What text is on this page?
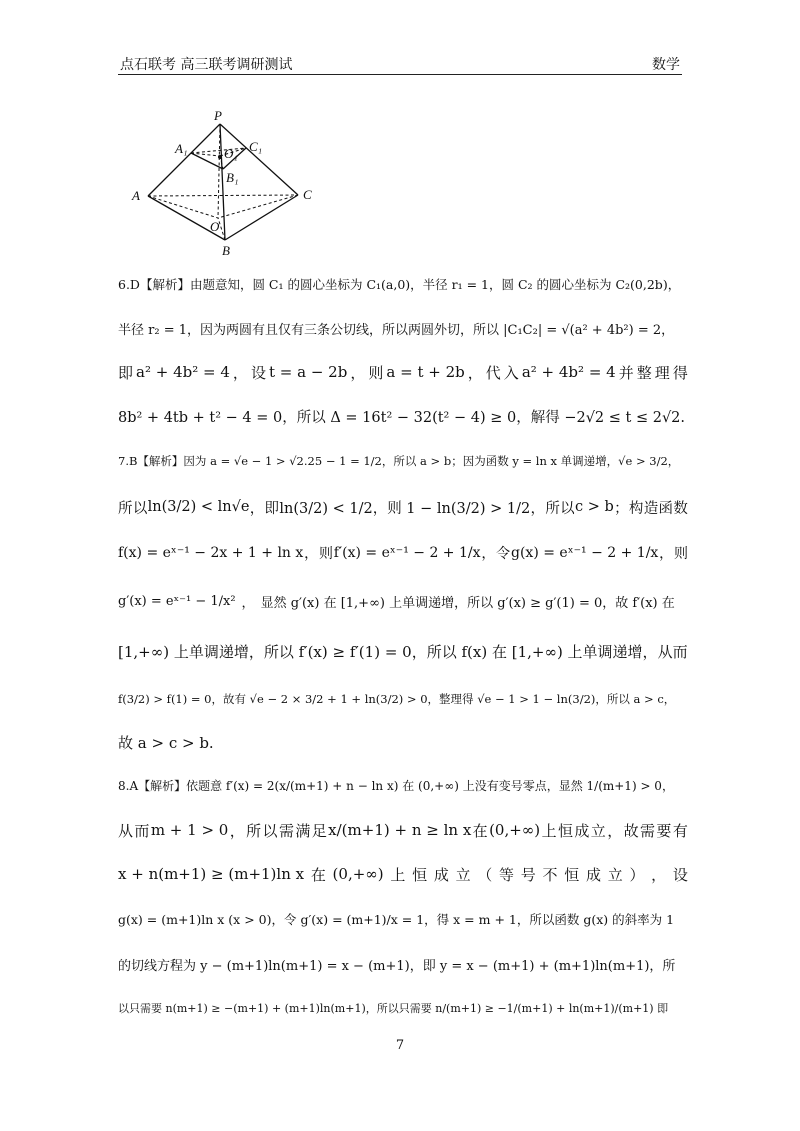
点石联考 高三联考调研测试	数学
P
A₁	O₁ C₁
B₁
A	C
O
B
6.D【解析】由题意知，圆 C₁ 的圆心坐标为 C₁(a,0)，半径 r₁ = 1，圆 C₂ 的圆心坐标为 C₂(0,2b)，
半径 r₂ = 1，因为两圆有且仅有三条公切线，所以两圆外切，所以 |C₁C₂| = √(a² + 4b²) = 2，
即 a² + 4b² = 4 ， 设 t = a − 2b ， 则 a = t + 2b ， 代 入 a² + 4b² = 4 并 整 理 得
8b² + 4tb + t² − 4 = 0，所以 Δ = 16t² − 32(t² − 4) ≥ 0，解得 −2√2 ≤ t ≤ 2√2.
7.B【解析】因为 a = √e − 1 > √2.25 − 1 = 1/2，所以 a > b；因为函数 y = ln x 单调递增，√e > 3/2，
所 以 ln(3/2) < ln√e ， 即 ln(3/2) < 1/2，则 1 − ln(3/2) > 1/2 ， 所 以 c > b ； 构 造 函 数
f(x) = eˣ⁻¹ − 2x + 1 + ln x ， 则 f′(x) = eˣ⁻¹ − 2 + 1/x ， 令 g(x) = eˣ⁻¹ − 2 + 1/x ， 则
g′(x) = eˣ⁻¹ − 1/x² ， 显然 g′(x) 在 [1,+∞) 上单调递增，所以 g′(x) ≥ g′(1) = 0，故 f′(x) 在
[1,+∞) 上单调递增，所以 f′(x) ≥ f′(1) = 0，所以 f(x) 在 [1,+∞) 上单调递增，从而
f(3/2) > f(1) = 0，故有 √e − 2 × 3/2 + 1 + ln(3/2) > 0，整理得 √e − 1 > 1 − ln(3/2)，所以 a > c，
故 a > c > b.
8.A【解析】依题意 f′(x) = 2(x/(m+1) + n − ln x) 在 (0,+∞) 上没有变号零点，显然 1/(m+1) > 0，
从 而 m + 1 > 0 ， 所 以 需 满 足 x/(m+1) + n ≥ ln x 在 (0,+∞) 上 恒 成 立 ， 故 需 要 有
x + n(m+1) ≥ (m+1)ln x 在 (0,+∞) 上 恒 成 立 （ 等 号 不 恒 成 立 ） ， 设
g(x) = (m+1)ln x (x > 0)，令 g′(x) = (m+1)/x = 1，得 x = m + 1，所以函数 g(x) 的斜率为 1
的切线方程为 y − (m+1)ln(m+1) = x − (m+1)，即 y = x − (m+1) + (m+1)ln(m+1)，所
以只需要 n(m+1) ≥ −(m+1) + (m+1)ln(m+1)，所以只需要 n/(m+1) ≥ −1/(m+1) + ln(m+1)/(m+1) 即
7
